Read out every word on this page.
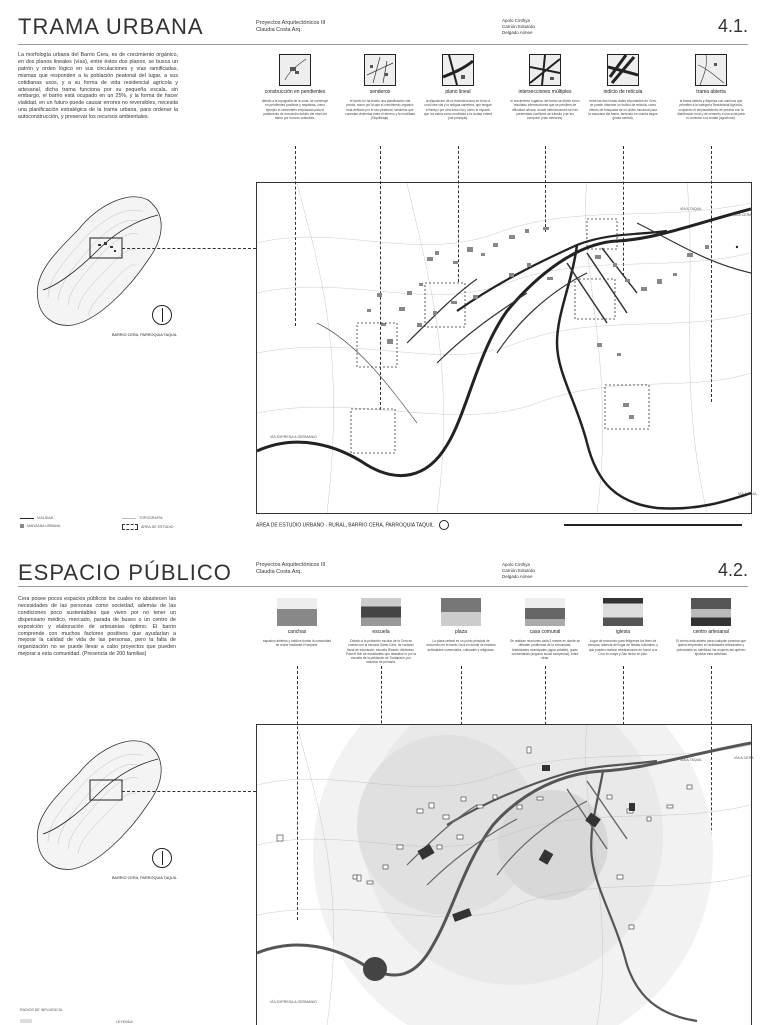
TRAMA URBANA	Proyectos Arquitectónicos III
Claudia Costa Arq.
Apolo Cinthya
Carrión Eduardo
Delgado Aimee	4.1.
La morfología urbana del Barrio Cera, es de crecimiento orgánico, en dos planos lineales (vías), entre éstos dos planos, se busca un patrón y orden lógico en sus circulaciones y vías ramificadas, mismas que responden a la población peatonal del lugar, a sus cotidianas usos, y a su forma de vida residencial agrícola y artesanal, dicha trama funciona por su pequeña escala, sin embargo, el barrio está ocupado en un 25%, y la forma de hacer vialidad, en un futuro puede causar errores no reversibles, necesita una planificación estratégica de la trama urbana, para ordenar la autoconstrucción, y preservar los recursos ambientales.
BARRIO CERA, PARROQUIA TAQUIL
construcción en pendientes
debido a la topografía de la zona, se construye en pendientes positivas y negativas, como ejemplo el cementerio emplazado para el parlamento de encuentro debido del nivel del barrio por nuevos culturales.
senderos
el barrio no ha tenido una planificación vial previa, razón por la que el crecimiento orgánico está definido por el uso peatonal, senderos que conectan viviendas entre el terreno y la movilidad (Taquil/baja).
plano lineal
la disposición de la vivienda busca en torno a una línea vial y la antigua carretera, que tengan el tiempo por otra línea vía y como el espacio que los actúa como movilidad a la ciudad entera (vía principal).
intersecciones múltiples
el crecimiento orgánico del barrio se divide como resultado intersecciones que se perciben de dificultad urbana, donde intersecciones se han presentado conflictos de tránsito y se los compone (vías menores).
indicio de retícula
entre las dos líneas viales importantes de Cera, se puede observar un indicio de retícula, como intento de búsqueda de un orden funcional para la manzana del barrio, teniendo en cuenta largos (plaza central).
trama abierta
la trama abierta y dispersa con caminos que permiten a la categoría Residencial Agrícola, ocupando el emplazamiento de predios con la distribución rural y de cemento a una zona para el conectar a la ciudad (agro/rural).
VÍA EXPRESA A GERMANIO
VÍA A TAQUIL
VÍA A CERA
VÍA A LOJA
ÁREA DE ESTUDIO URBANO - RURAL, BARRIO CERA, PARROQUIA TAQUIL
VIALIDAD
MANZANA URBANA
TOPOGRAFÍA
ÁREA DE ESTUDIO
ESPACIO PÚBLICO	Proyectos Arquitectónicos III
Claudia Costa Arq.
Apolo Cinthya
Carrión Eduardo
Delgado Aimee	4.2.
Cera posee pocos espacios públicos los cuales no abastecen las necesidades de las personas como sociedad, además de las condiciones poco sustentables que viven por no tener un dispensario médico, mercado, parada de buses o un centro de exposición y elaboración de artesanías óptimo. El barrio comprende con muchos factores positivos que ayudarían a mejorar la calidad de vida de las personas, pero la falta de organización no se puede llevar a cabo proyectos que pueden mejorar a esta comunidad. (Presencia de 200 familias)
BARRIO CERA, PARROQUIA TAQUIL
canchas
espacios abiertos y baldíos donde la comunidad se reúne mediante el deporte.
escuela
Dotado a la población escolar de la Cera se cuenta con la escuela Santo Cera, de carácter fiscal de educación, escuela Ricardo Valdivieso. Para el fluir de estudiantes que abastece lo por la escuela de la población de Tuntanarin, por estudios de primaria.
plaza
La plaza central es un punto principal de encuentro en el barrio Cera en donde se realizan actividades comerciales, culturales y religiosas.
casa comunal
Se realizan reuniones cada 3 meses en donde se debaten problemas de la comunidad, festividades municipales (agua potable), guías comunitarias (seguros social campesino), entre otras.
iglesia
Lugar de encuentro para feligreses los fines de semana, además del lugar de fiestas culturales, y que pueden realizar celebraciones en honor a la Cruz en mayo y San Isidro en julio.
centro artesanal
El centro está abierto para cualquier persona que quiera emprender en actividades artesanales y potenciales su habilidad, las mujeres así quieren ejecutar esta actividad.
VÍA EXPRESA A GERMANIO
VÍA A TAQUIL	VÍA A CERA
RADIOS DE INFLUENCIA
LEYENDA
